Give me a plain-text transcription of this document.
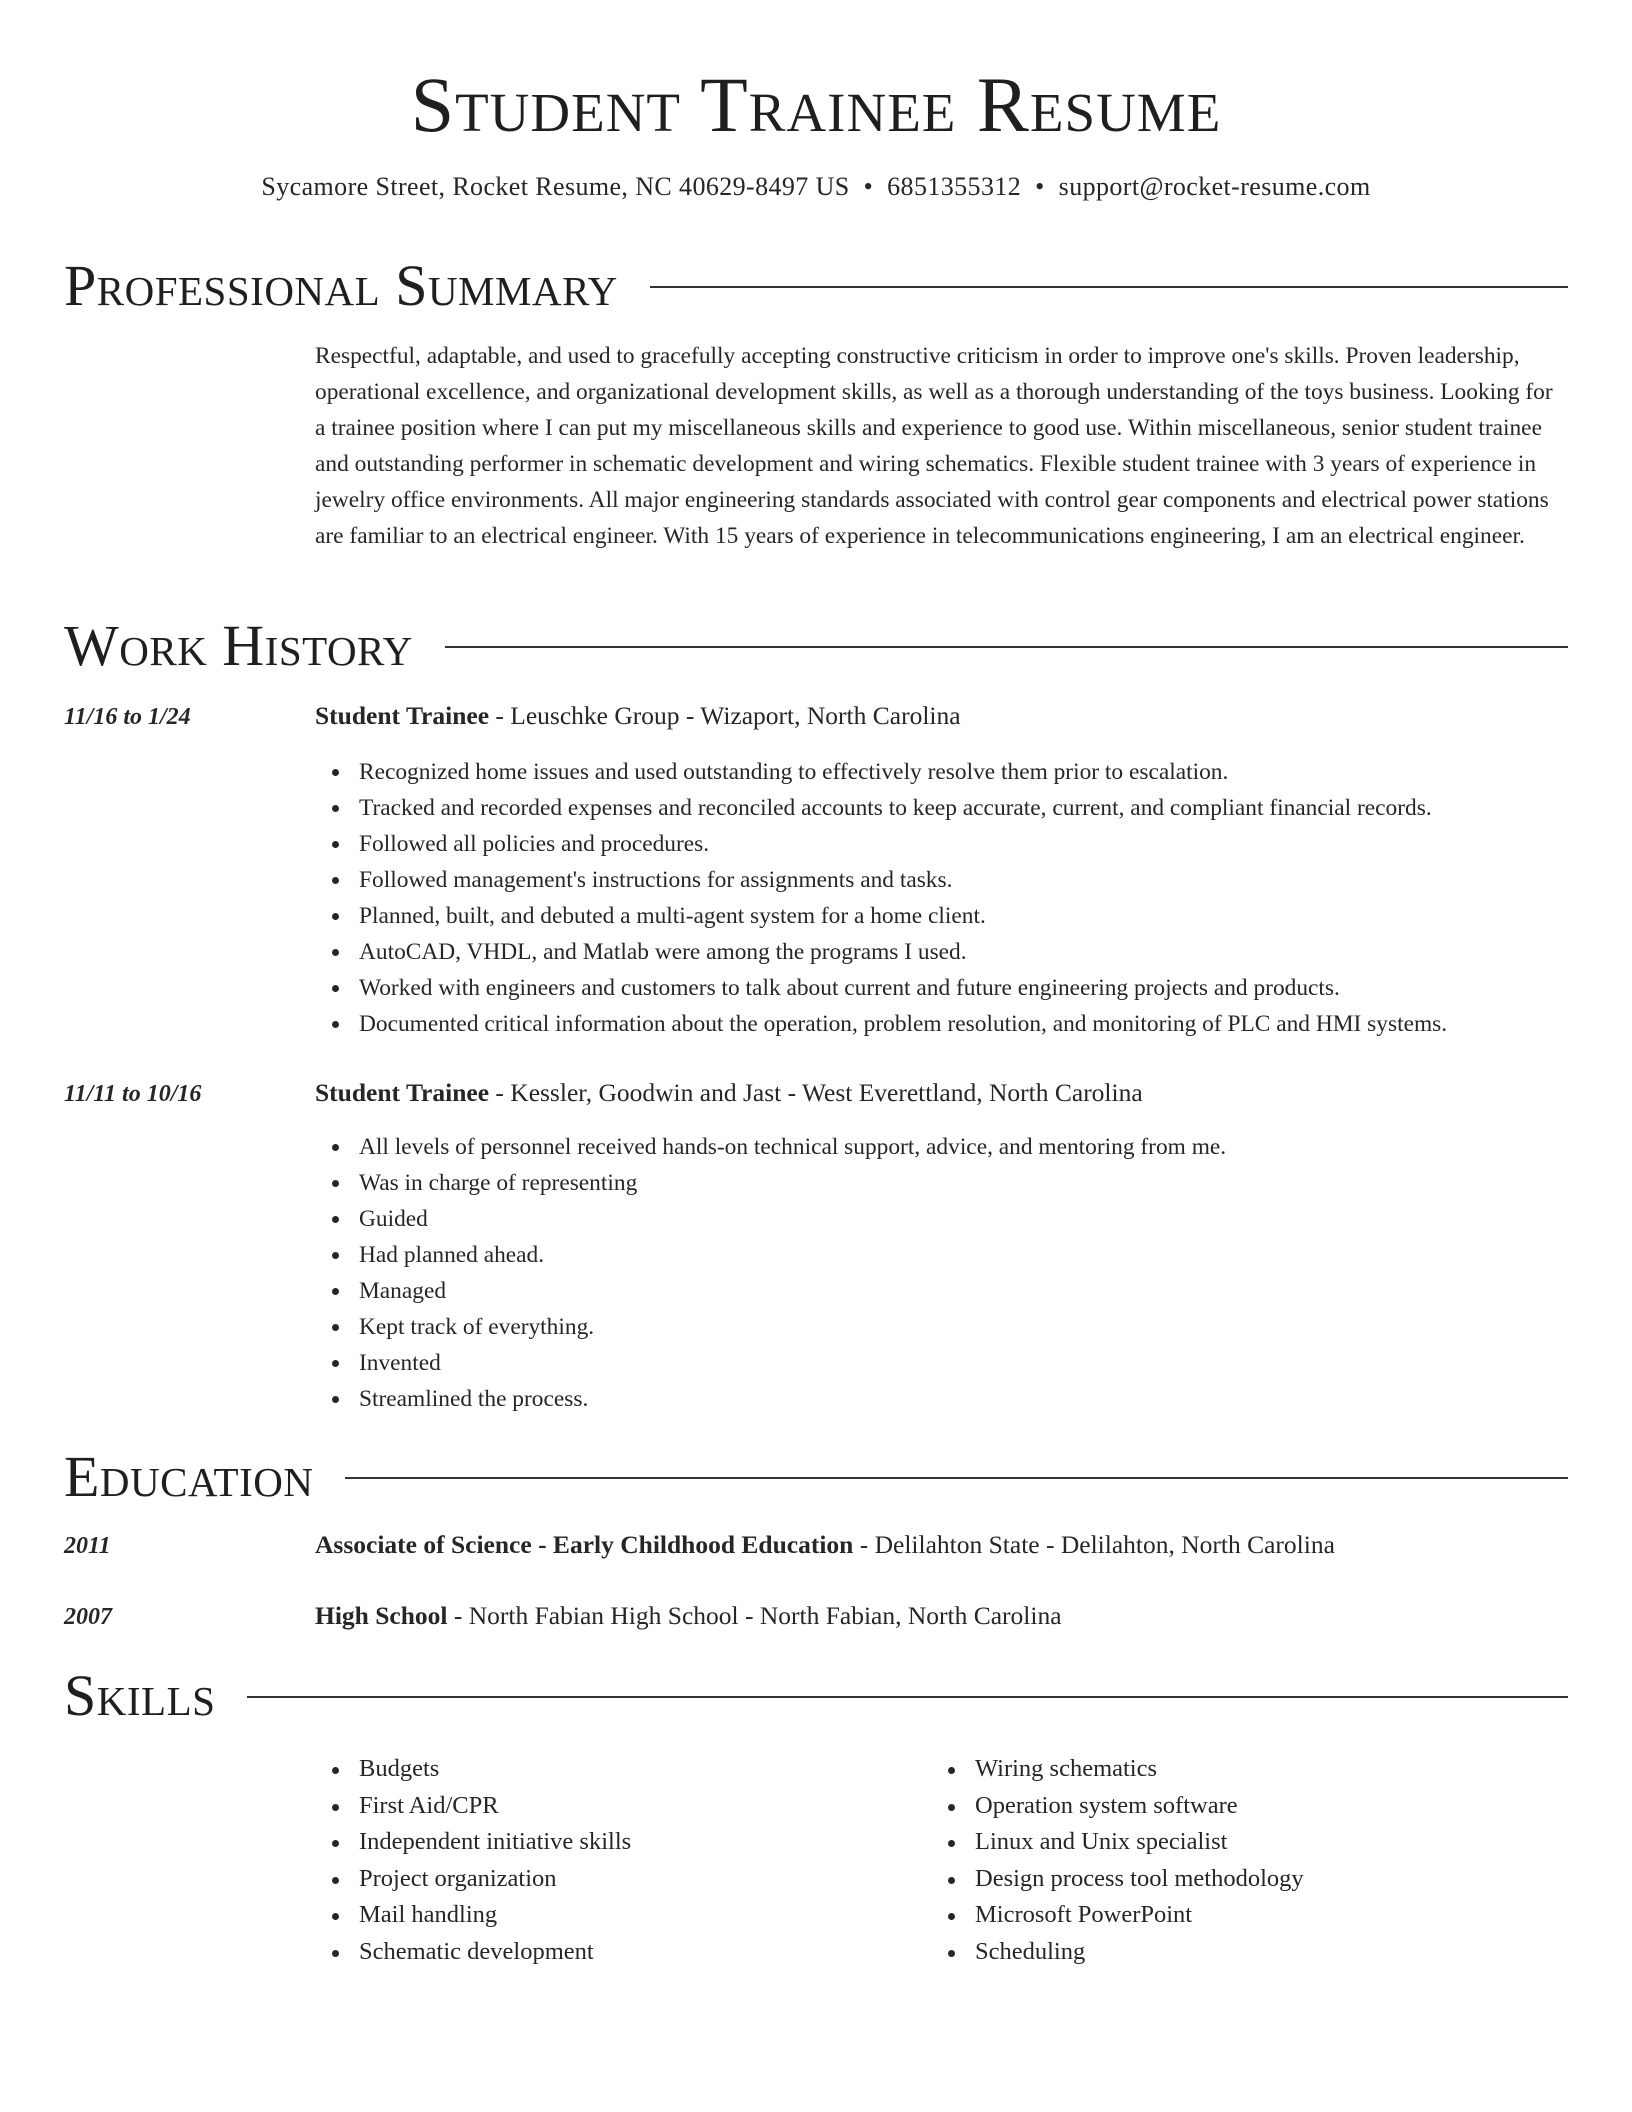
Student Trainee Resume
Sycamore Street, Rocket Resume, NC 40629-8497 US • 6851355312 • support@rocket-resume.com
Professional Summary

Respectful, adaptable, and used to gracefully accepting constructive criticism in order to improve one's skills. Proven leadership, operational excellence, and organizational development skills, as well as a thorough understanding of the toys business. Looking for a trainee position where I can put my miscellaneous skills and experience to good use. Within miscellaneous, senior student trainee and outstanding performer in schematic development and wiring schematics. Flexible student trainee with 3 years of experience in jewelry office environments. All major engineering standards associated with control gear components and electrical power stations are familiar to an electrical engineer. With 15 years of experience in telecommunications engineering, I am an electrical engineer.

Work History
11/16 to 1/24	Student Trainee - Leuschke Group - Wizaport, North Carolina
Recognized home issues and used outstanding to effectively resolve them prior to escalation.
Tracked and recorded expenses and reconciled accounts to keep accurate, current, and compliant financial records.
Followed all policies and procedures.
Followed management's instructions for assignments and tasks.
Planned, built, and debuted a multi-agent system for a home client.
AutoCAD, VHDL, and Matlab were among the programs I used.
Worked with engineers and customers to talk about current and future engineering projects and products.
Documented critical information about the operation, problem resolution, and monitoring of PLC and HMI systems.
11/11 to 10/16	Student Trainee - Kessler, Goodwin and Jast - West Everettland, North Carolina
All levels of personnel received hands-on technical support, advice, and mentoring from me.
Was in charge of representing
Guided
Had planned ahead.
Managed
Kept track of everything.
Invented
Streamlined the process.
Education
2011	Associate of Science - Early Childhood Education - Delilahton State - Delilahton, North Carolina
2007	High School - North Fabian High School - North Fabian, North Carolina
Skills
Budgets
First Aid/CPR
Independent initiative skills
Project organization
Mail handling
Schematic development
Wiring schematics
Operation system software
Linux and Unix specialist
Design process tool methodology
Microsoft PowerPoint
Scheduling
